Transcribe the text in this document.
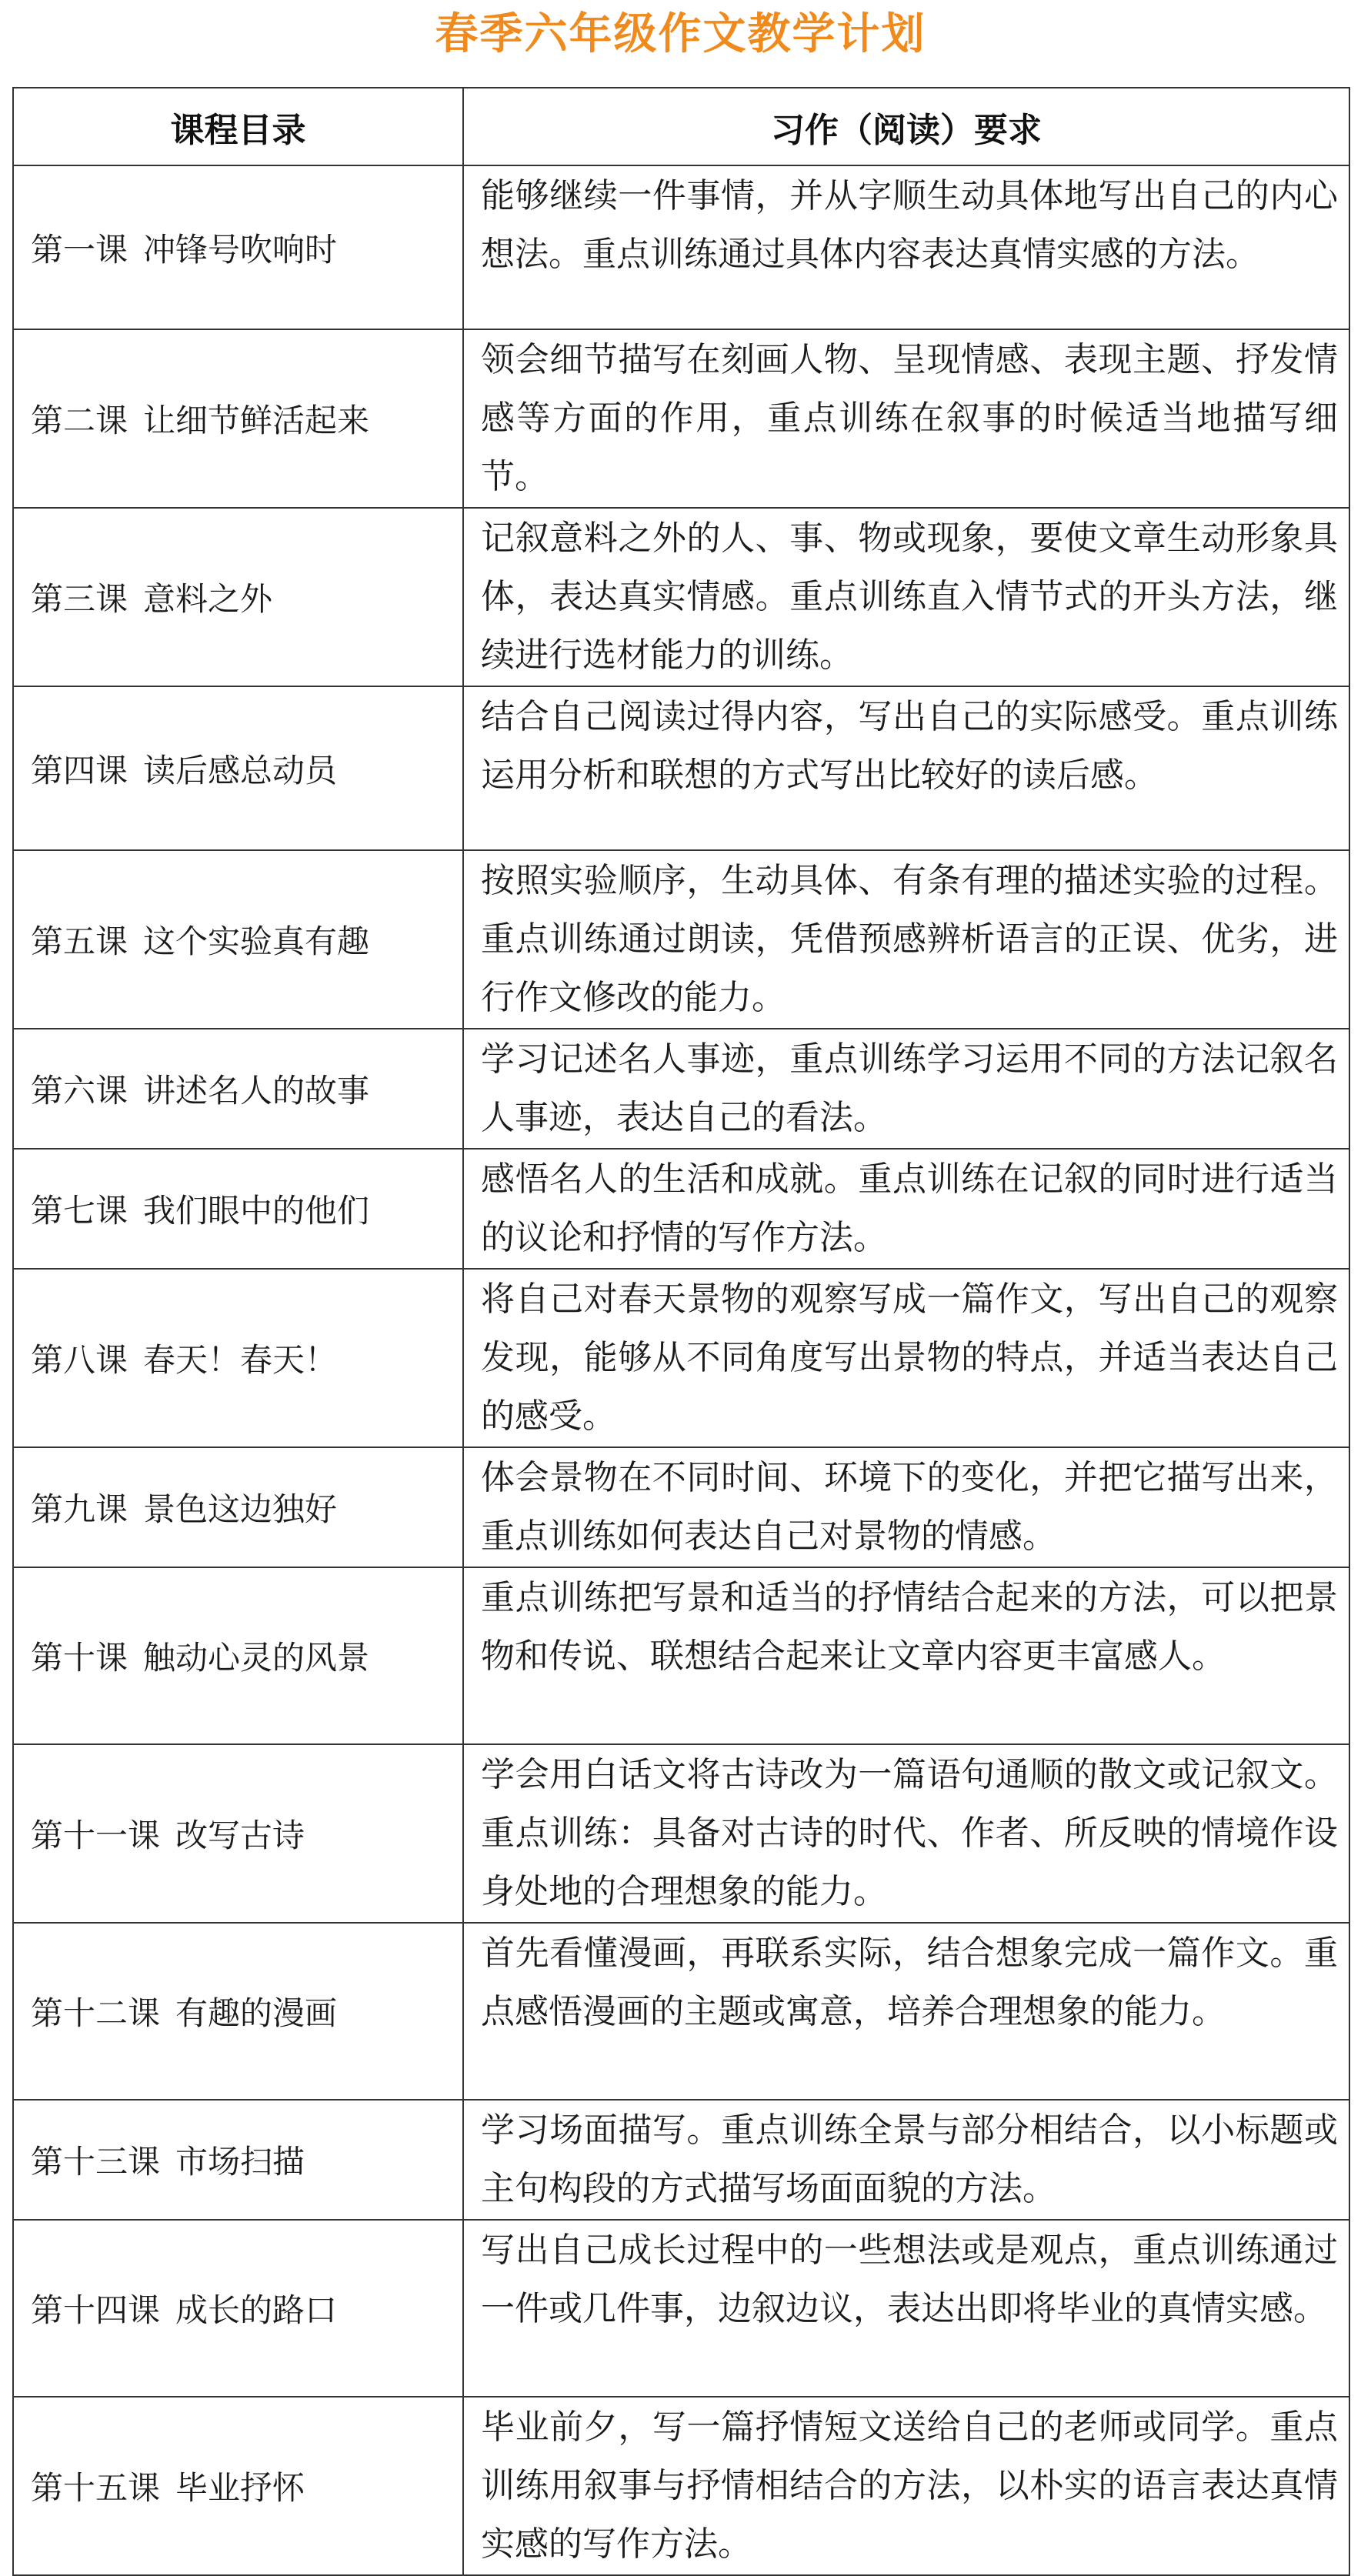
春季六年级作文教学计划
课程目录	习作（阅读）要求
第一课 冲锋号吹响时	能够继续一件事情，并从字顺生动具体地写出自己的内心想法。重点训练通过具体内容表达真情实感的方法。
第二课 让细节鲜活起来	领会细节描写在刻画人物、呈现情感、表现主题、抒发情感等方面的作用，重点训练在叙事的时候适当地描写细节。
第三课 意料之外	记叙意料之外的人、事、物或现象，要使文章生动形象具体，表达真实情感。重点训练直入情节式的开头方法，继续进行选材能力的训练。
第四课 读后感总动员	结合自己阅读过得内容，写出自己的实际感受。重点训练运用分析和联想的方式写出比较好的读后感。
第五课 这个实验真有趣	按照实验顺序，生动具体、有条有理的描述实验的过程。重点训练通过朗读，凭借预感辨析语言的正误、优劣，进行作文修改的能力。
第六课 讲述名人的故事	学习记述名人事迹，重点训练学习运用不同的方法记叙名人事迹，表达自己的看法。
第七课 我们眼中的他们	感悟名人的生活和成就。重点训练在记叙的同时进行适当的议论和抒情的写作方法。
第八课 春天！春天！	将自己对春天景物的观察写成一篇作文，写出自己的观察发现，能够从不同角度写出景物的特点，并适当表达自己的感受。
第九课 景色这边独好	体会景物在不同时间、环境下的变化，并把它描写出来，重点训练如何表达自己对景物的情感。
第十课 触动心灵的风景	重点训练把写景和适当的抒情结合起来的方法，可以把景物和传说、联想结合起来让文章内容更丰富感人。
第十一课 改写古诗	学会用白话文将古诗改为一篇语句通顺的散文或记叙文。重点训练：具备对古诗的时代、作者、所反映的情境作设身处地的合理想象的能力。
第十二课 有趣的漫画	首先看懂漫画，再联系实际，结合想象完成一篇作文。重点感悟漫画的主题或寓意，培养合理想象的能力。
第十三课 市场扫描	学习场面描写。重点训练全景与部分相结合，以小标题或主句构段的方式描写场面面貌的方法。
第十四课 成长的路口	写出自己成长过程中的一些想法或是观点，重点训练通过一件或几件事，边叙边议，表达出即将毕业的真情实感。
第十五课 毕业抒怀	毕业前夕，写一篇抒情短文送给自己的老师或同学。重点训练用叙事与抒情相结合的方法，以朴实的语言表达真情实感的写作方法。
